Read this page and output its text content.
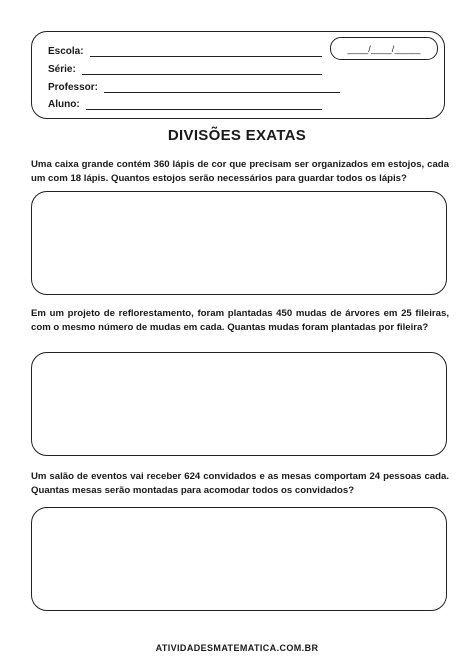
Escola:
Série:
Professor:
Aluno:
____/____/_____
DIVISÕES EXATAS

Uma caixa grande contém 360 lápis de cor que precisam ser organizados em estojos, cada um com 18 lápis. Quantos estojos serão necessários para guardar todos os lápis?

Em um projeto de reflorestamento, foram plantadas 450 mudas de árvores em 25 fileiras, com o mesmo número de mudas em cada. Quantas mudas foram plantadas por fileira?

Um salão de eventos vai receber 624 convidados e as mesas comportam 24 pessoas cada. Quantas mesas serão montadas para acomodar todos os convidados?

ATIVIDADESMATEMATICA.COM.BR
